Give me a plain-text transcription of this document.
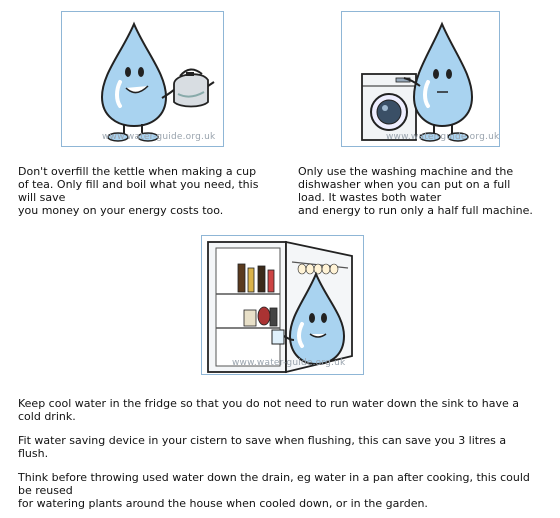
www.water-guide.org.uk	www.water-guide.org.uk
Don't overfill the kettle when making a cup
of tea. Only fill and boil what you need, this
will save
you money on your energy costs too.
Only use the washing machine and the
dishwasher when you can put on a full
load. It wastes both water
and energy to run only a half full machine.
www.water-guide.org.uk
Keep cool water in the fridge so that you do not need to run water down the sink to have a
cold drink.
Fit water saving device in your cistern to save when flushing, this can save you 3 litres a
flush.
Think before throwing used water down the drain, eg water in a pan after cooking, this could
be reused
for watering plants around the house when cooled down, or in the garden.
